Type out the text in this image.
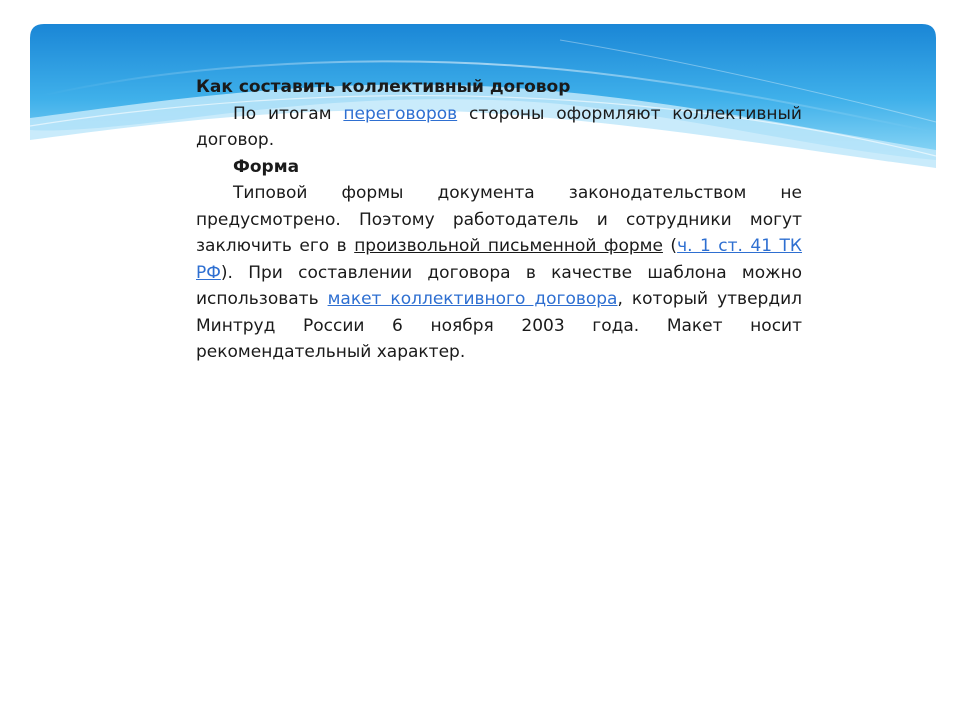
Как составить коллективный договор

По итогам переговоров стороны оформляют коллективный договор.

Форма

Типовой формы документа законодательством не предусмотрено. Поэтому работодатель и сотрудники могут заключить его в произвольной письменной форме (ч. 1 ст. 41 ТК РФ). При составлении договора в качестве шаблона можно использовать макет коллективного договора, который утвердил Минтруд России 6 ноября 2003 года. Макет носит рекомендательный характер.
